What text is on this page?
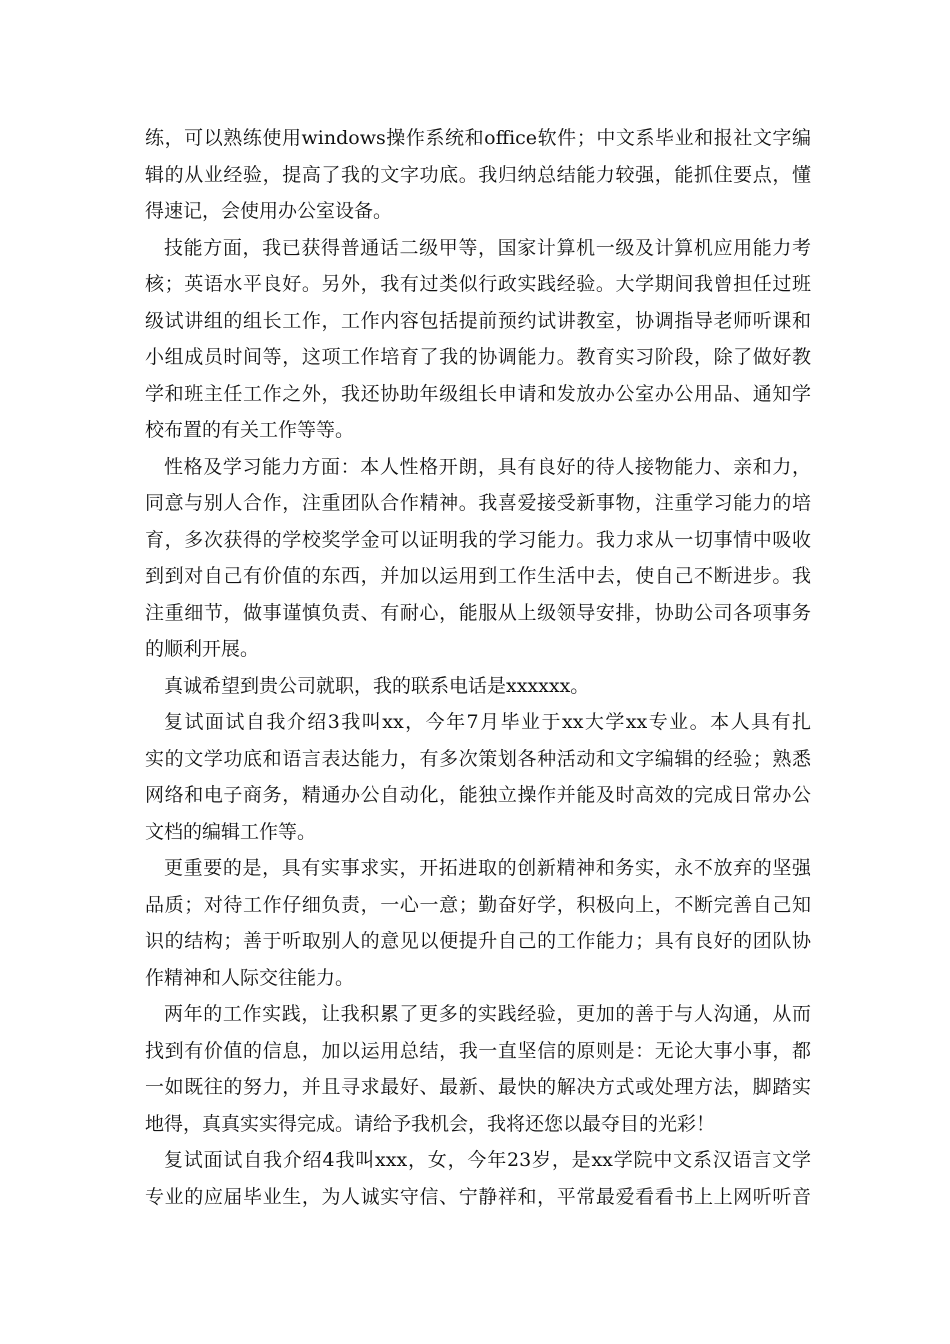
练，可以熟练使用windows操作系统和office软件；中文系毕业和报社文字编
辑的从业经验，提高了我的文字功底。我归纳总结能力较强，能抓住要点，懂
得速记，会使用办公室设备。
技能方面，我已获得普通话二级甲等，国家计算机一级及计算机应用能力考
核；英语水平良好。另外，我有过类似行政实践经验。大学期间我曾担任过班
级试讲组的组长工作，工作内容包括提前预约试讲教室，协调指导老师听课和
小组成员时间等，这项工作培育了我的协调能力。教育实习阶段，除了做好教
学和班主任工作之外，我还协助年级组长申请和发放办公室办公用品、通知学
校布置的有关工作等等。
性格及学习能力方面：本人性格开朗，具有良好的待人接物能力、亲和力，
同意与别人合作，注重团队合作精神。我喜爱接受新事物，注重学习能力的培
育，多次获得的学校奖学金可以证明我的学习能力。我力求从一切事情中吸收
到到对自己有价值的东西，并加以运用到工作生活中去，使自己不断进步。我
注重细节，做事谨慎负责、有耐心，能服从上级领导安排，协助公司各项事务
的顺利开展。
真诚希望到贵公司就职，我的联系电话是xxxxxx。
复试面试自我介绍3我叫xx，今年7月毕业于xx大学xx专业。本人具有扎
实的文学功底和语言表达能力，有多次策划各种活动和文字编辑的经验；熟悉
网络和电子商务，精通办公自动化，能独立操作并能及时高效的完成日常办公
文档的编辑工作等。
更重要的是，具有实事求实，开拓进取的创新精神和务实，永不放弃的坚强
品质；对待工作仔细负责，一心一意；勤奋好学，积极向上，不断完善自己知
识的结构；善于听取别人的意见以便提升自己的工作能力；具有良好的团队协
作精神和人际交往能力。
两年的工作实践，让我积累了更多的实践经验，更加的善于与人沟通，从而
找到有价值的信息，加以运用总结，我一直坚信的原则是：无论大事小事，都
一如既往的努力，并且寻求最好、最新、最快的解决方式或处理方法，脚踏实
地得，真真实实得完成。请给予我机会，我将还您以最夺目的光彩！
复试面试自我介绍4我叫xxx，女，今年23岁，是xx学院中文系汉语言文学
专业的应届毕业生，为人诚实守信、宁静祥和，平常最爱看看书上上网听听音
